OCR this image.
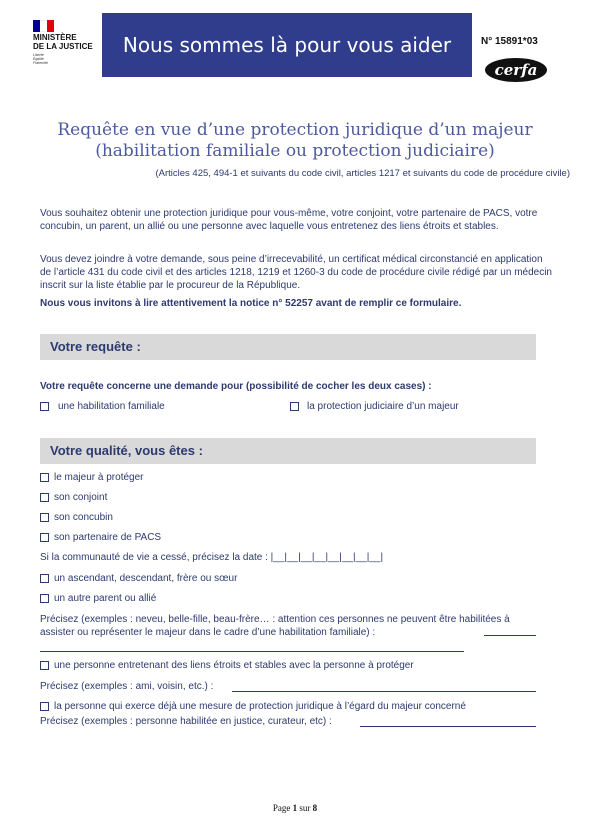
MINISTÈRE
DE LA JUSTICE
Liberté Égalité Fraternité
Nous sommes là pour vous aider	N° 15891*03
cerfa
Requête en vue d’une protection juridique d’un majeur
(habilitation familiale ou protection judiciaire)
(Articles 425, 494-1 et suivants du code civil, articles 1217 et suivants du code de procédure civile)
Vous souhaitez obtenir une protection juridique pour vous-même, votre conjoint, votre partenaire de PACS, votre concubin, un parent, un allié ou une personne avec laquelle vous entretenez des liens étroits et stables.
Vous devez joindre à votre demande, sous peine d’irrecevabilité, un certificat médical circonstancié en application de l’article 431 du code civil et des articles 1218, 1219 et 1260-3 du code de procédure civile rédigé par un médecin inscrit sur la liste établie par le procureur de la République.
Nous vous invitons à lire attentivement la notice n° 52257 avant de remplir ce formulaire.
Votre requête :
Votre requête concerne une demande pour (possibilité de cocher les deux cases) :
une habilitation familiale	la protection judiciaire d’un majeur
Votre qualité, vous êtes :
le majeur à protéger
son conjoint
son concubin
son partenaire de PACS
Si la communauté de vie a cessé, précisez la date : |__|__|__|__|__|__|__|__|
un ascendant, descendant, frère ou sœur
un autre parent ou allié
Précisez (exemples : neveu, belle-fille, beau-frère… : attention ces personnes ne peuvent être habilitées à assister ou représenter le majeur dans le cadre d’une habilitation familiale) :
une personne entretenant des liens étroits et stables avec la personne à protéger
Précisez (exemples : ami, voisin, etc.) :
la personne qui exerce déjà une mesure de protection juridique à l’égard du majeur concerné
Précisez (exemples : personne habilitée en justice, curateur, etc) :
Page 1 sur 8
